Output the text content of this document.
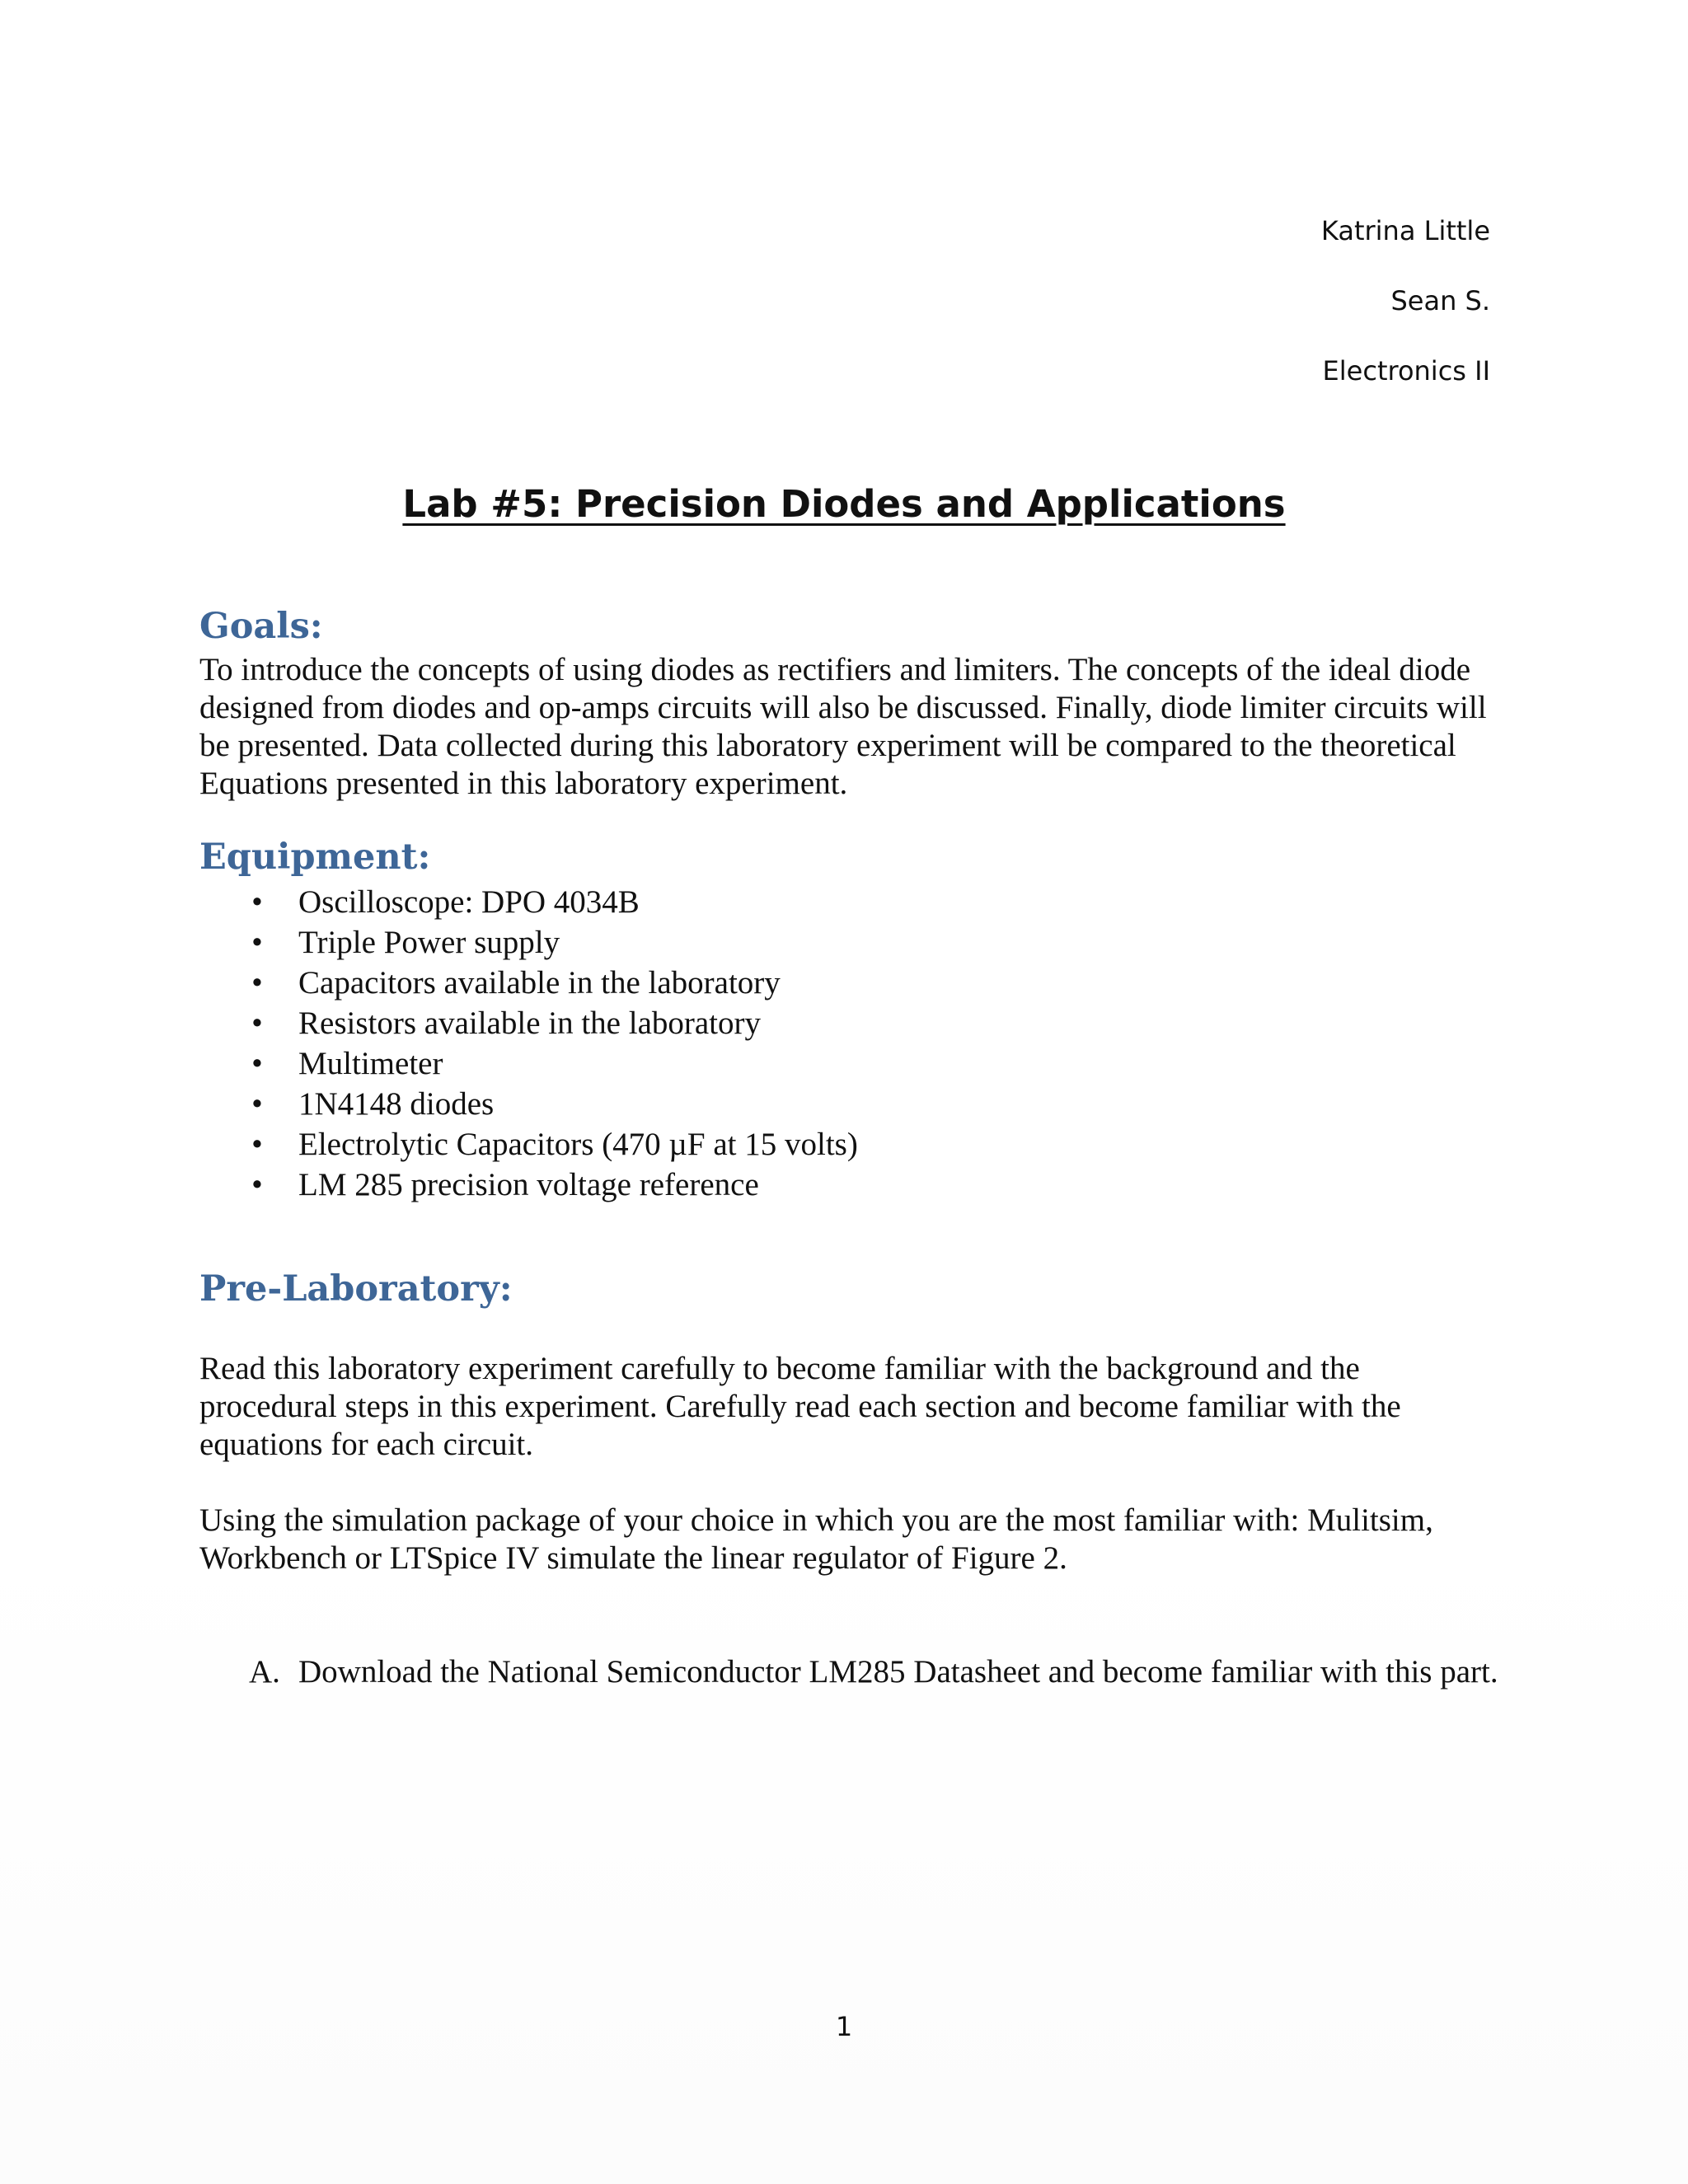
Katrina Little
Sean S.
Electronics II
Lab #5: Precision Diodes and Applications
Goals:

To introduce the concepts of using diodes as rectifiers and limiters. The concepts of the ideal diode designed from diodes and op-amps circuits will also be discussed. Finally, diode limiter circuits will be presented. Data collected during this laboratory experiment will be compared to the theoretical Equations presented in this laboratory experiment.

Equipment:
• Oscilloscope: DPO 4034B
• Triple Power supply
• Capacitors available in the laboratory
• Resistors available in the laboratory
• Multimeter
• 1N4148 diodes
• Electrolytic Capacitors (470 µF at 15 volts)
• LM 285 precision voltage reference
Pre-Laboratory:

Read this laboratory experiment carefully to become familiar with the background and the procedural steps in this experiment. Carefully read each section and become familiar with the equations for each circuit.

Using the simulation package of your choice in which you are the most familiar with: Mulitsim, Workbench or LTSpice IV simulate the linear regulator of Figure 2.

A. Download the National Semiconductor LM285 Datasheet and become familiar with this part.
1
